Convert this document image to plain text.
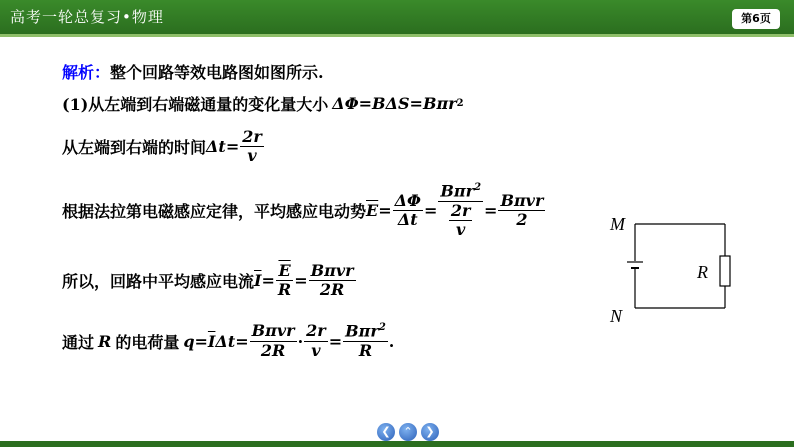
高考一轮总复习•物理	第6页
解析： 整个回路等效电路图如图所示.
(1)从左端到右端磁通量的变化量大小 ΔΦ=BΔS=Bπr 2
从左端到右端的时间 $\Delta t= \frac{2r}{v}$
根据法拉第电磁感应定律，平均感应电动势 $\overline{E} = \frac{\Delta\Phi}{\Delta t} = \frac{B\pi r^2}{\frac{2r}{v}} = \frac{\text{Bπvr}}{2}$
所以，回路中平均感应电流 $\overline{I} = \frac{\overline{E}}{R} = \frac{\text{Bπvr}}{2R}$
通过 R 的电荷量 $q = \overline{I}$ $\Delta t= \frac{\text{Bπvr}}{2R} \cdot \frac{2r}{v} = \frac{B\pi r^2}{R}$ .
M
N
R
❮	⌃	❯
